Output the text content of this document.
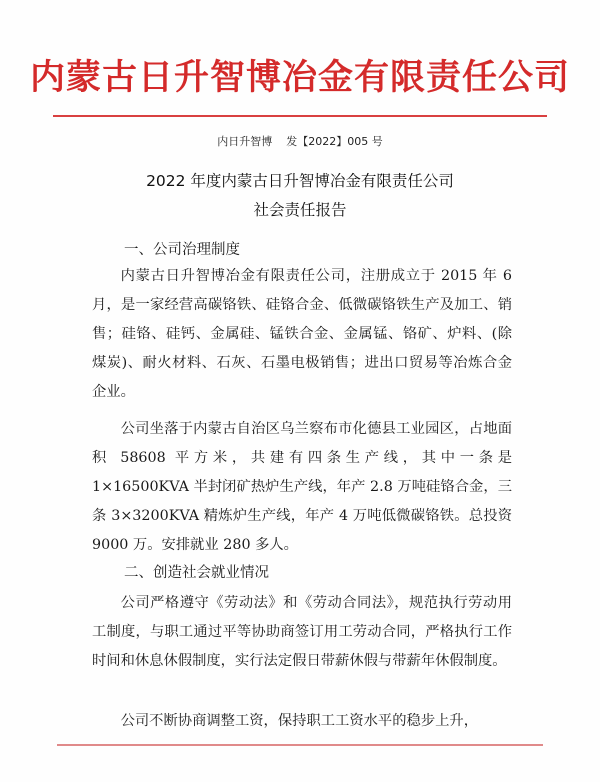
内蒙古日升智博冶金有限责任公司
内日升智博 发【2022】005 号
2022 年度内蒙古日升智博冶金有限责任公司
社会责任报告
一、公司治理制度
内蒙古日升智博冶金有限责任公司，注册成立于 2015 年 6 月，是一家经营高碳铬铁、硅铬合金、低微碳铬铁生产及加工、销售；硅铬、硅钙、金属硅、锰铁合金、金属锰、铬矿、炉料、(除煤炭)、耐火材料、石灰、石墨电极销售；进出口贸易等冶炼合金企业。
公司坐落于内蒙古自治区乌兰察布市化德县工业园区，占地面积 58608 平方米，共建有四条生产线，其中一条是 1×16500KVA 半封闭矿热炉生产线，年产 2.8 万吨硅铬合金，三条 3×3200KVA 精炼炉生产线，年产 4 万吨低微碳铬铁。总投资 9000 万。安排就业 280 多人。
二、创造社会就业情况
公司严格遵守《劳动法》和《劳动合同法》，规范执行劳动用工制度，与职工通过平等协助商签订用工劳动合同，严格执行工作时间和休息休假制度，实行法定假日带薪休假与带薪年休假制度。
公司不断协商调整工资，保持职工工资水平的稳步上升，
